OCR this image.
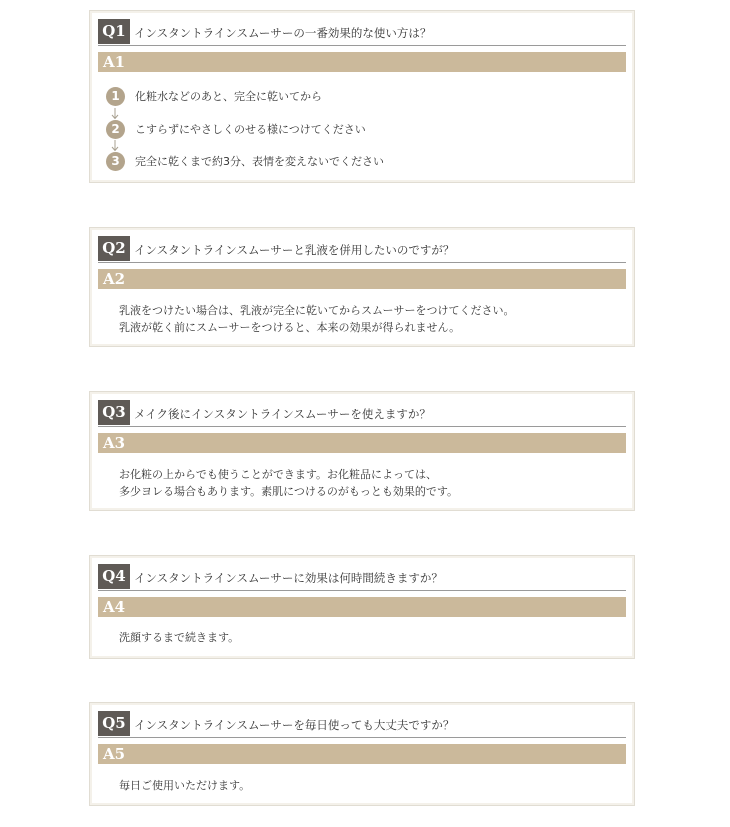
Q1 インスタントラインスムーサーの一番効果的な使い方は？
A1
1	化粧水などのあと、完全に乾いてから
2	こすらずにやさしくのせる様につけてください
3	完全に乾くまで約3分、表情を変えないでください
Q2 インスタントラインスムーサーと乳液を併用したいのですが？
A2
乳液をつけたい場合は、乳液が完全に乾いてからスムーサーをつけてください。
乳液が乾く前にスムーサーをつけると、本来の効果が得られません。
Q3 メイク後にインスタントラインスムーサーを使えますか？
A3
お化粧の上からでも使うことができます。お化粧品によっては、
多少ヨレる場合もあります。素肌につけるのがもっとも効果的です。
Q4 インスタントラインスムーサーに効果は何時間続きますか？
A4
洗顔するまで続きます。
Q5 インスタントラインスムーサーを毎日使っても大丈夫ですか？
A5
毎日ご使用いただけます。
